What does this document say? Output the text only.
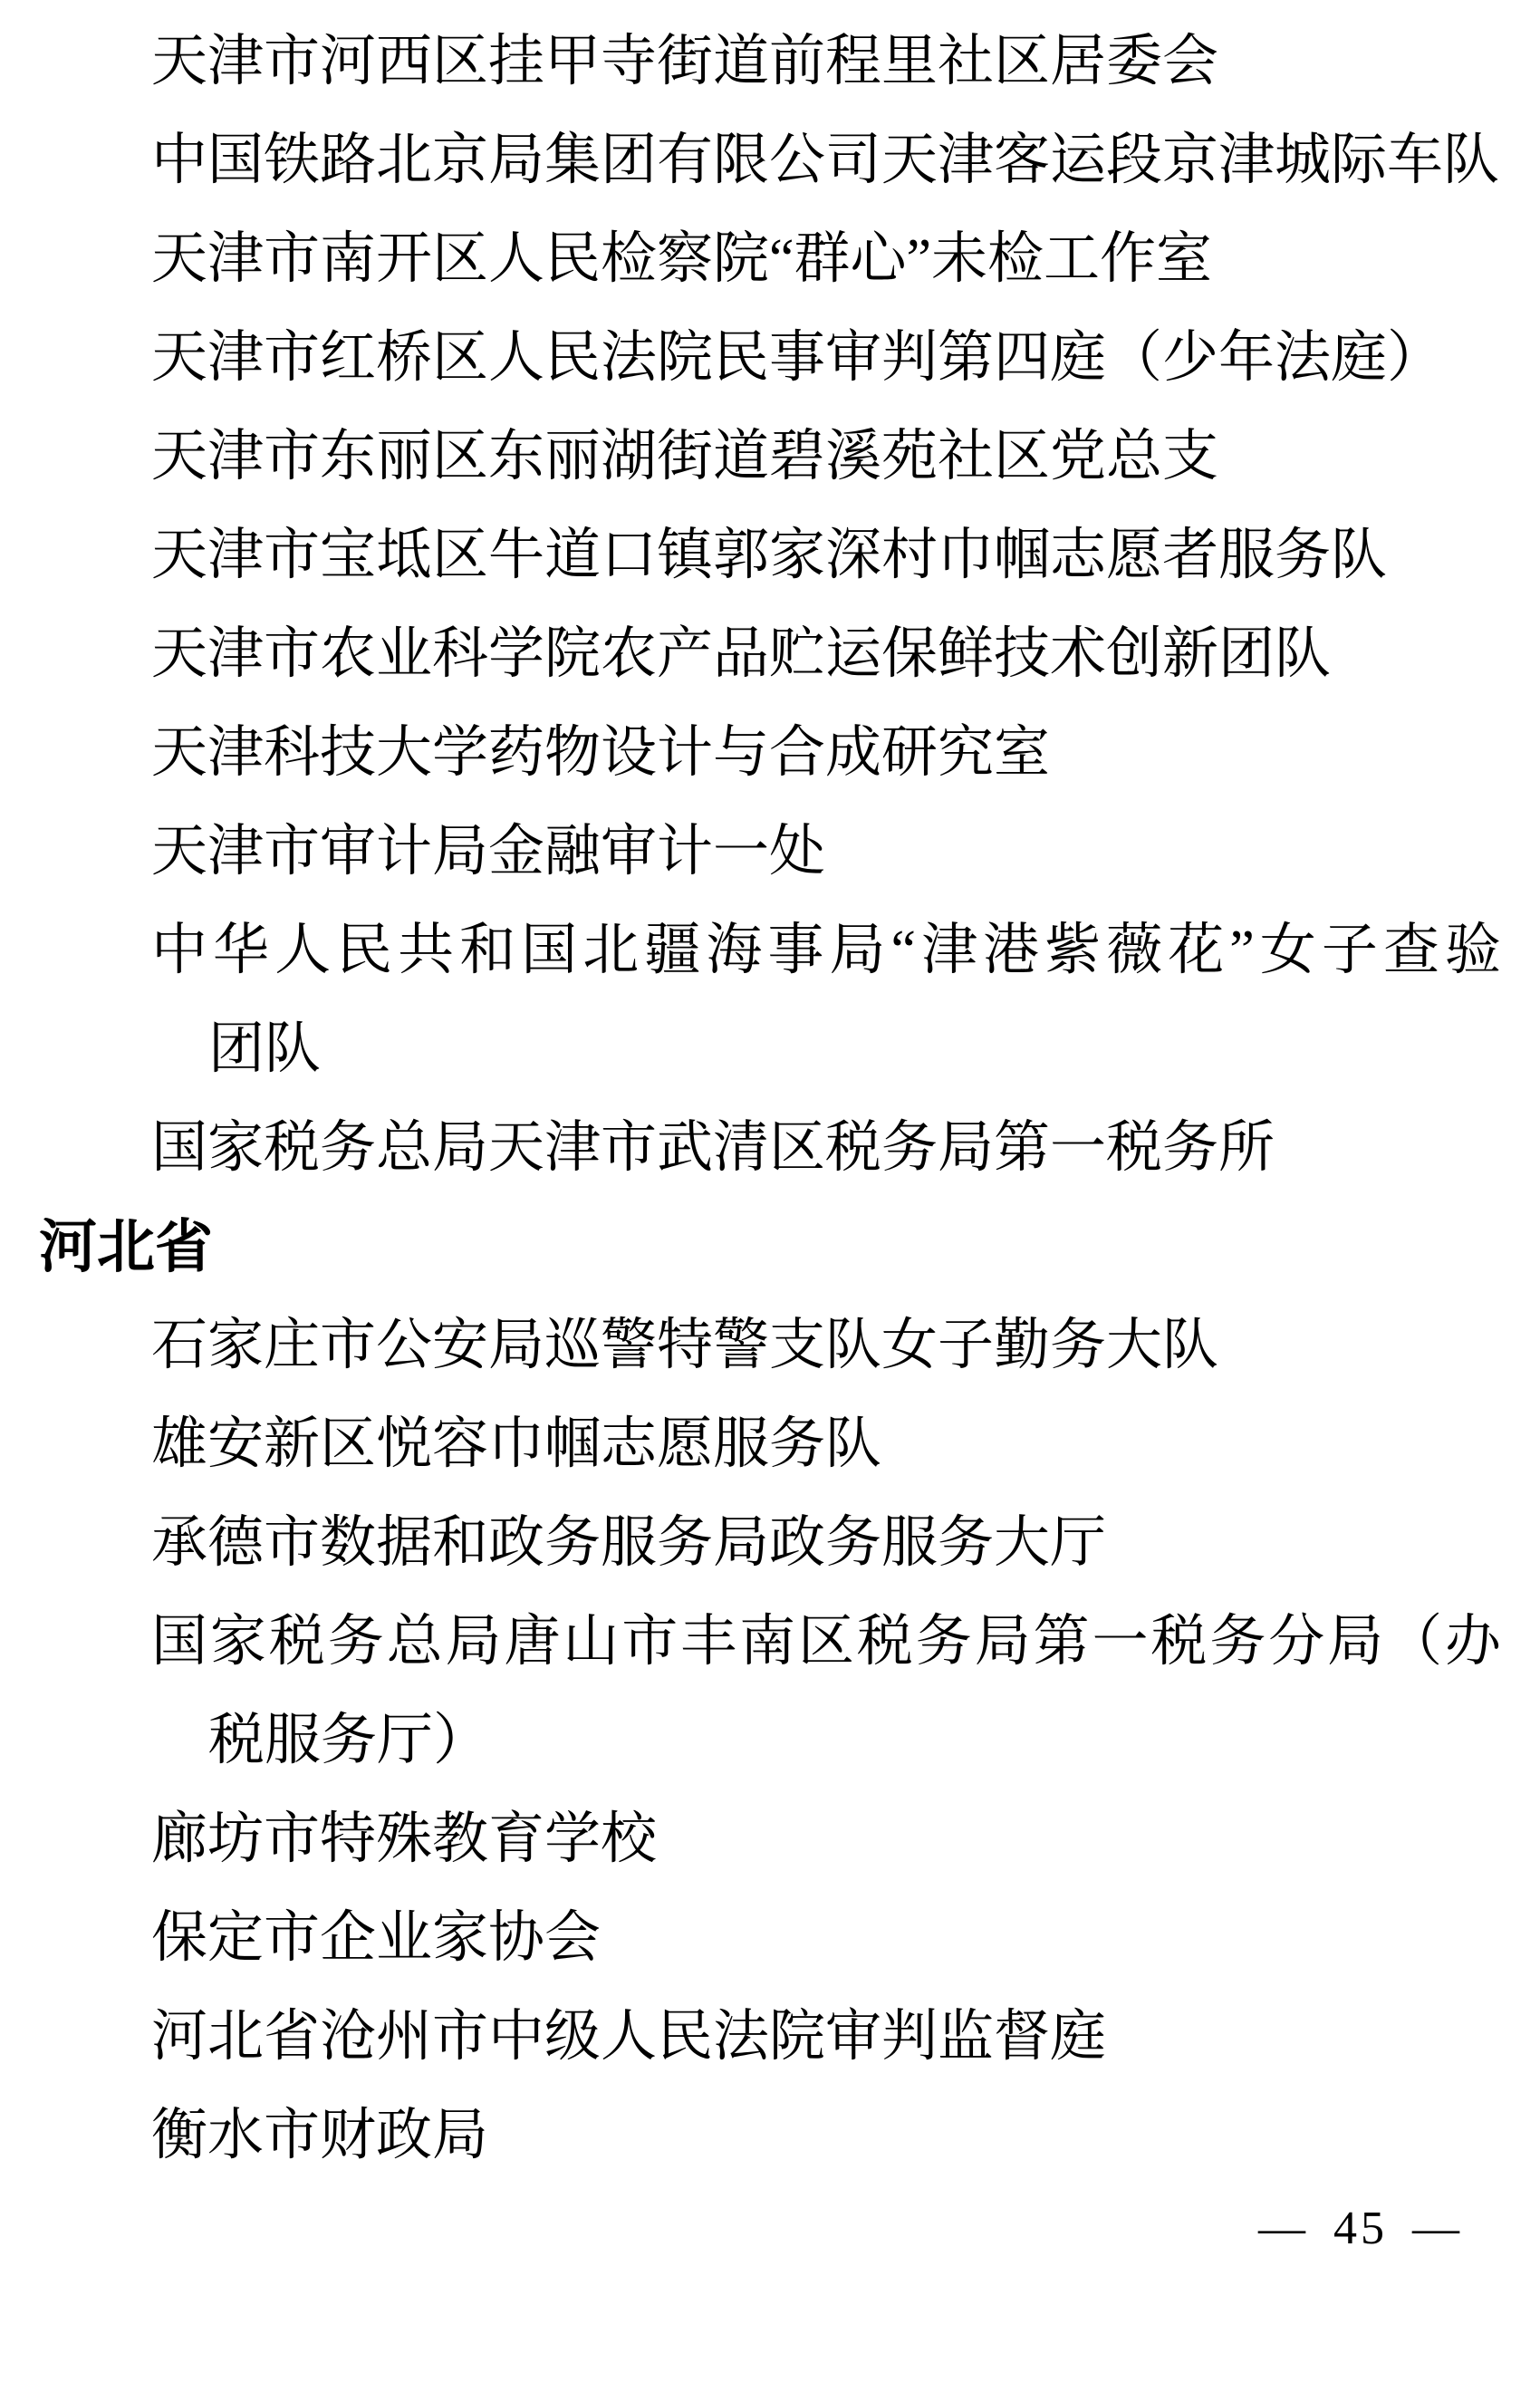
天津市河西区挂甲寺街道前程里社区居委会
中国铁路北京局集团有限公司天津客运段京津城际车队
天津市南开区人民检察院“群心”未检工作室
天津市红桥区人民法院民事审判第四庭（少年法庭）
天津市东丽区东丽湖街道碧溪苑社区党总支
天津市宝坻区牛道口镇郭家深村巾帼志愿者服务队
天津市农业科学院农产品贮运保鲜技术创新团队
天津科技大学药物设计与合成研究室
天津市审计局金融审计一处
中华人民共和国北疆海事局“津港紫薇花”女子查验
团队
国家税务总局天津市武清区税务局第一税务所
河北省
石家庄市公安局巡警特警支队女子勤务大队
雄安新区悦容巾帼志愿服务队
承德市数据和政务服务局政务服务大厅
国家税务总局唐山市丰南区税务局第一税务分局（办
税服务厅）
廊坊市特殊教育学校
保定市企业家协会
河北省沧州市中级人民法院审判监督庭
衡水市财政局
— 45 —
